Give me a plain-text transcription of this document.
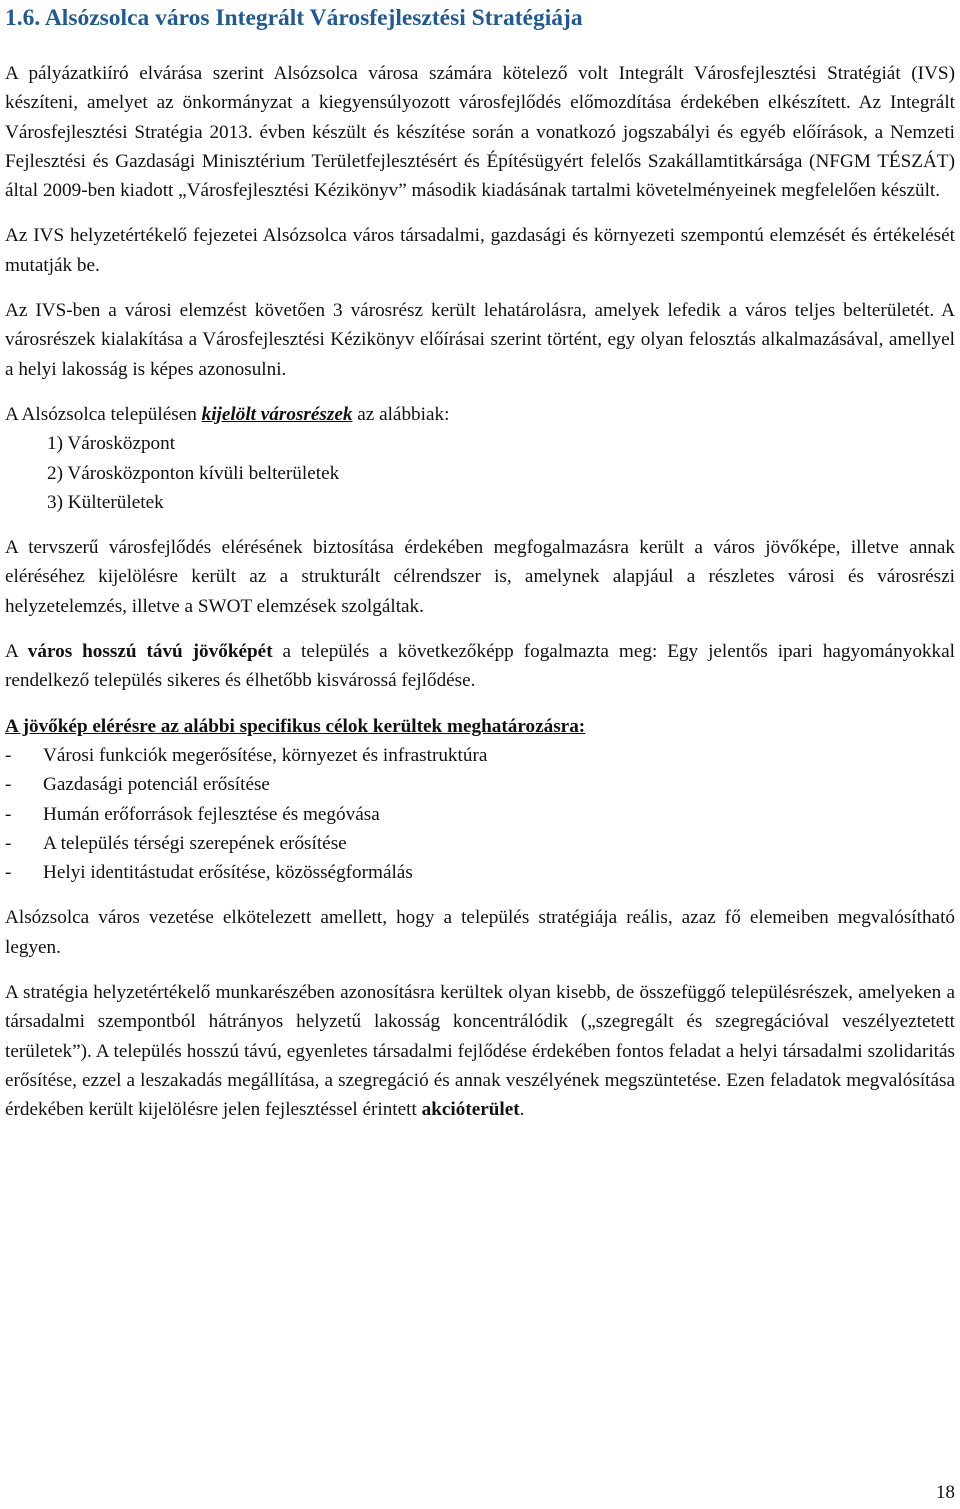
1.6. Alsózsolca város Integrált Városfejlesztési Stratégiája

A pályázatkiíró elvárása szerint Alsózsolca városa számára kötelező volt Integrált Városfejlesztési Stratégiát (IVS) készíteni, amelyet az önkormányzat a kiegyensúlyozott városfejlődés előmozdítása érdekében elkészített. Az Integrált Városfejlesztési Stratégia 2013. évben készült és készítése során a vonatkozó jogszabályi és egyéb előírások, a Nemzeti Fejlesztési és Gazdasági Minisztérium Területfejlesztésért és Építésügyért felelős Szakállamtitkársága (NFGM TÉSZÁT) által 2009-ben kiadott „Városfejlesztési Kézikönyv” második kiadásának tartalmi követelményeinek megfelelően készült.

Az IVS helyzetértékelő fejezetei Alsózsolca város társadalmi, gazdasági és környezeti szempontú elemzését és értékelését mutatják be.

Az IVS-ben a városi elemzést követően 3 városrész került lehatárolásra, amelyek lefedik a város teljes belterületét. A városrészek kialakítása a Városfejlesztési Kézikönyv előírásai szerint történt, egy olyan felosztás alkalmazásával, amellyel a helyi lakosság is képes azonosulni.

A Alsózsolca településen kijelölt városrészek az alábbiak:

1) Városközpont
2) Városközponton kívüli belterületek
3) Külterületek

A tervszerű városfejlődés elérésének biztosítása érdekében megfogalmazásra került a város jövőképe, illetve annak eléréséhez kijelölésre került az a strukturált célrendszer is, amelynek alapjául a részletes városi és városrészi helyzetelemzés, illetve a SWOT elemzések szolgáltak.

A város hosszú távú jövőképét a település a következőképp fogalmazta meg: Egy jelentős ipari hagyományokkal rendelkező település sikeres és élhetőbb kisvárossá fejlődése.

A jövőkép elérésre az alábbi specifikus célok kerültek meghatározásra:

-	Városi funkciók megerősítése, környezet és infrastruktúra
-	Gazdasági potenciál erősítése
-	Humán erőforrások fejlesztése és megóvása
-	A település térségi szerepének erősítése
-	Helyi identitástudat erősítése, közösségformálás

Alsózsolca város vezetése elkötelezett amellett, hogy a település stratégiája reális, azaz fő elemeiben megvalósítható legyen.

A stratégia helyzetértékelő munkarészében azonosításra kerültek olyan kisebb, de összefüggő településrészek, amelyeken a társadalmi szempontból hátrányos helyzetű lakosság koncentrálódik („szegregált és szegregációval veszélyeztetett területek”). A település hosszú távú, egyenletes társadalmi fejlődése érdekében fontos feladat a helyi társadalmi szolidaritás erősítése, ezzel a leszakadás megállítása, a szegregáció és annak veszélyének megszüntetése. Ezen feladatok megvalósítása érdekében került kijelölésre jelen fejlesztéssel érintett akcióterület.

18
